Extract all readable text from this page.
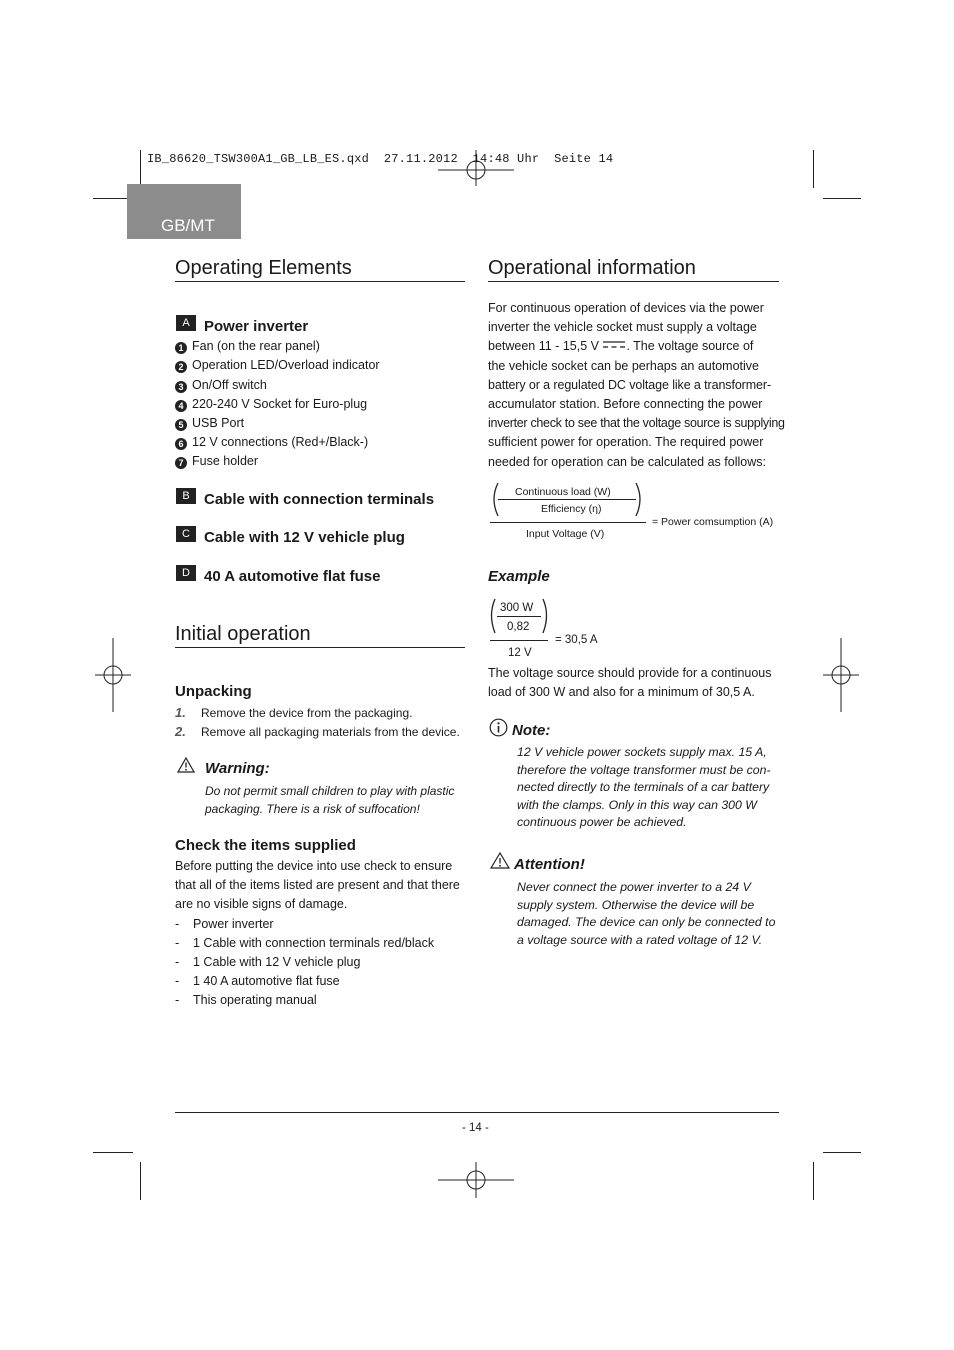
IB_86620_TSW300A1_GB_LB_ES.qxd  27.11.2012  14:48 Uhr  Seite 14
GB/MT
Operating Elements
A Power inverter
1 Fan (on the rear panel)
2 Operation LED/Overload indicator
3 On/Off switch
4 220-240 V Socket for Euro-plug
5 USB Port
6 12 V connections (Red+/Black-)
7 Fuse holder
B Cable with connection terminals
C Cable with 12 V vehicle plug
D 40 A automotive flat fuse
Initial operation
Unpacking
1. Remove the device from the packaging.
2. Remove all packaging materials from the device.
Warning:
Do not permit small children to play with plastic
packaging. There is a risk of suffocation!
Check the items supplied
Before putting the device into use check to ensure
that all of the items listed are present and that there
are no visible signs of damage.
- Power inverter
- 1 Cable with connection terminals red/black
- 1 Cable with 12 V vehicle plug
- 1 40 A automotive flat fuse
- This operating manual
Operational information
For continuous operation of devices via the power
inverter the vehicle socket must supply a voltage
between 11 - 15,5 V . The voltage source of
the vehicle socket can be perhaps an automotive
battery or a regulated DC voltage like a transformer-
accumulator station. Before connecting the power
inverter check to see that the voltage source is supplying
sufficient power for operation. The required power
needed for operation can be calculated as follows:
Continuous load (W)
Efficiency (η)
Input Voltage (V)
= Power comsumption (A)
Example
300 W
0,82
= 30,5 A
12 V
The voltage source should provide for a continuous
load of 300 W and also for a minimum of 30,5 A.
Note:
12 V vehicle power sockets supply max. 15 A,
therefore the voltage transformer must be con-
nected directly to the terminals of a car battery
with the clamps. Only in this way can 300 W
continuous power be achieved.
Attention!
Never connect the power inverter to a 24 V
supply system. Otherwise the device will be
damaged. The device can only be connected to
a voltage source with a rated voltage of 12 V.
- 14 -
